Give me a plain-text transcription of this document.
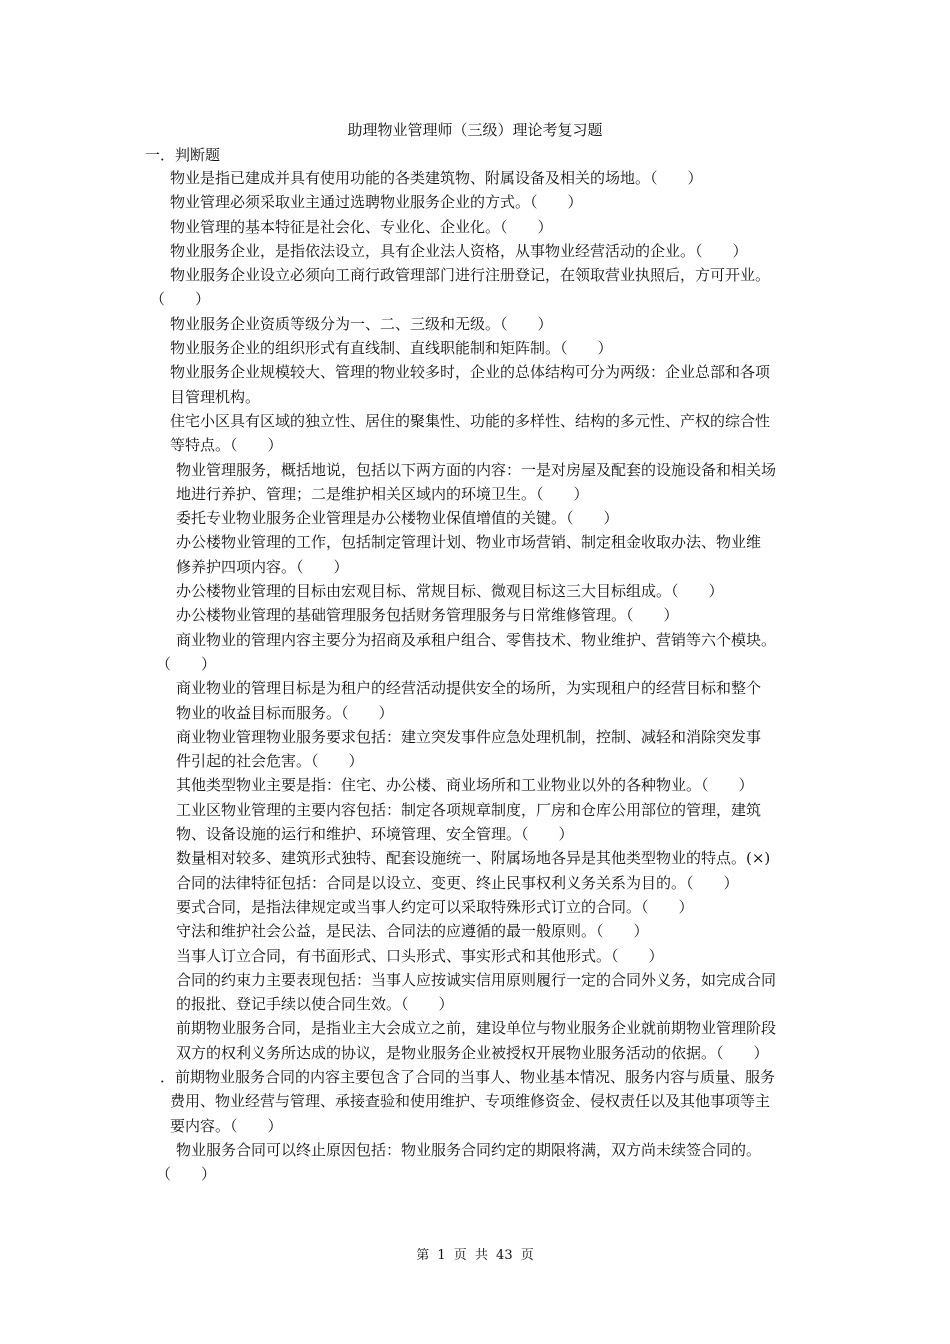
助理物业管理师（三级）理论考复习题
一．判断题
物业是指已建成并具有使用功能的各类建筑物、附属设备及相关的场地。（　　）
物业管理必须采取业主通过选聘物业服务企业的方式。（　　）
物业管理的基本特征是社会化、专业化、企业化。（　　）
物业服务企业，是指依法设立，具有企业法人资格，从事物业经营活动的企业。（　　）
物业服务企业设立必须向工商行政管理部门进行注册登记，在领取营业执照后，方可开业。
（　　）
物业服务企业资质等级分为一、二、三级和无级。（　　）
物业服务企业的组织形式有直线制、直线职能制和矩阵制。（　　）
物业服务企业规模较大、管理的物业较多时，企业的总体结构可分为两级：企业总部和各项
目管理机构。
住宅小区具有区域的独立性、居住的聚集性、功能的多样性、结构的多元性、产权的综合性
等特点。（　　）
物业管理服务，概括地说，包括以下两方面的内容：一是对房屋及配套的设施设备和相关场
地进行养护、管理；二是维护相关区域内的环境卫生。（　　）
委托专业物业服务企业管理是办公楼物业保值增值的关键。（　　）
办公楼物业管理的工作，包括制定管理计划、物业市场营销、制定租金收取办法、物业维
修养护四项内容。（　　）
办公楼物业管理的目标由宏观目标、常规目标、微观目标这三大目标组成。（　　）
办公楼物业管理的基础管理服务包括财务管理服务与日常维修管理。（　　）
商业物业的管理内容主要分为招商及承租户组合、零售技术、物业维护、营销等六个模块。
（　　）
商业物业的管理目标是为租户的经营活动提供安全的场所，为实现租户的经营目标和整个
物业的收益目标而服务。（　　）
商业物业管理物业服务要求包括：建立突发事件应急处理机制，控制、减轻和消除突发事
件引起的社会危害。（　　）
其他类型物业主要是指：住宅、办公楼、商业场所和工业物业以外的各种物业。（　　）
工业区物业管理的主要内容包括：制定各项规章制度，厂房和仓库公用部位的管理，建筑
物、设备设施的运行和维护、环境管理、安全管理。（　　）
数量相对较多、建筑形式独特、配套设施统一、附属场地各异是其他类型物业的特点。(×)
合同的法律特征包括：合同是以设立、变更、终止民事权利义务关系为目的。（　　）
要式合同，是指法律规定或当事人约定可以采取特殊形式订立的合同。（　　）
守法和维护社会公益，是民法、合同法的应遵循的最一般原则。（　　）
当事人订立合同，有书面形式、口头形式、事实形式和其他形式。（　　）
合同的约束力主要表现包括：当事人应按诚实信用原则履行一定的合同外义务，如完成合同
的报批、登记手续以使合同生效。（　　）
前期物业服务合同，是指业主大会成立之前，建设单位与物业服务企业就前期物业管理阶段
双方的权利义务所达成的协议，是物业服务企业被授权开展物业服务活动的依据。（　　）
．前期物业服务合同的内容主要包含了合同的当事人、物业基本情况、服务内容与质量、服务
费用、物业经营与管理、承接查验和使用维护、专项维修资金、侵权责任以及其他事项等主
要内容。（　　）
物业服务合同可以终止原因包括：物业服务合同约定的期限将满，双方尚未续签合同的。
（　　）
第 1 页 共 43 页
